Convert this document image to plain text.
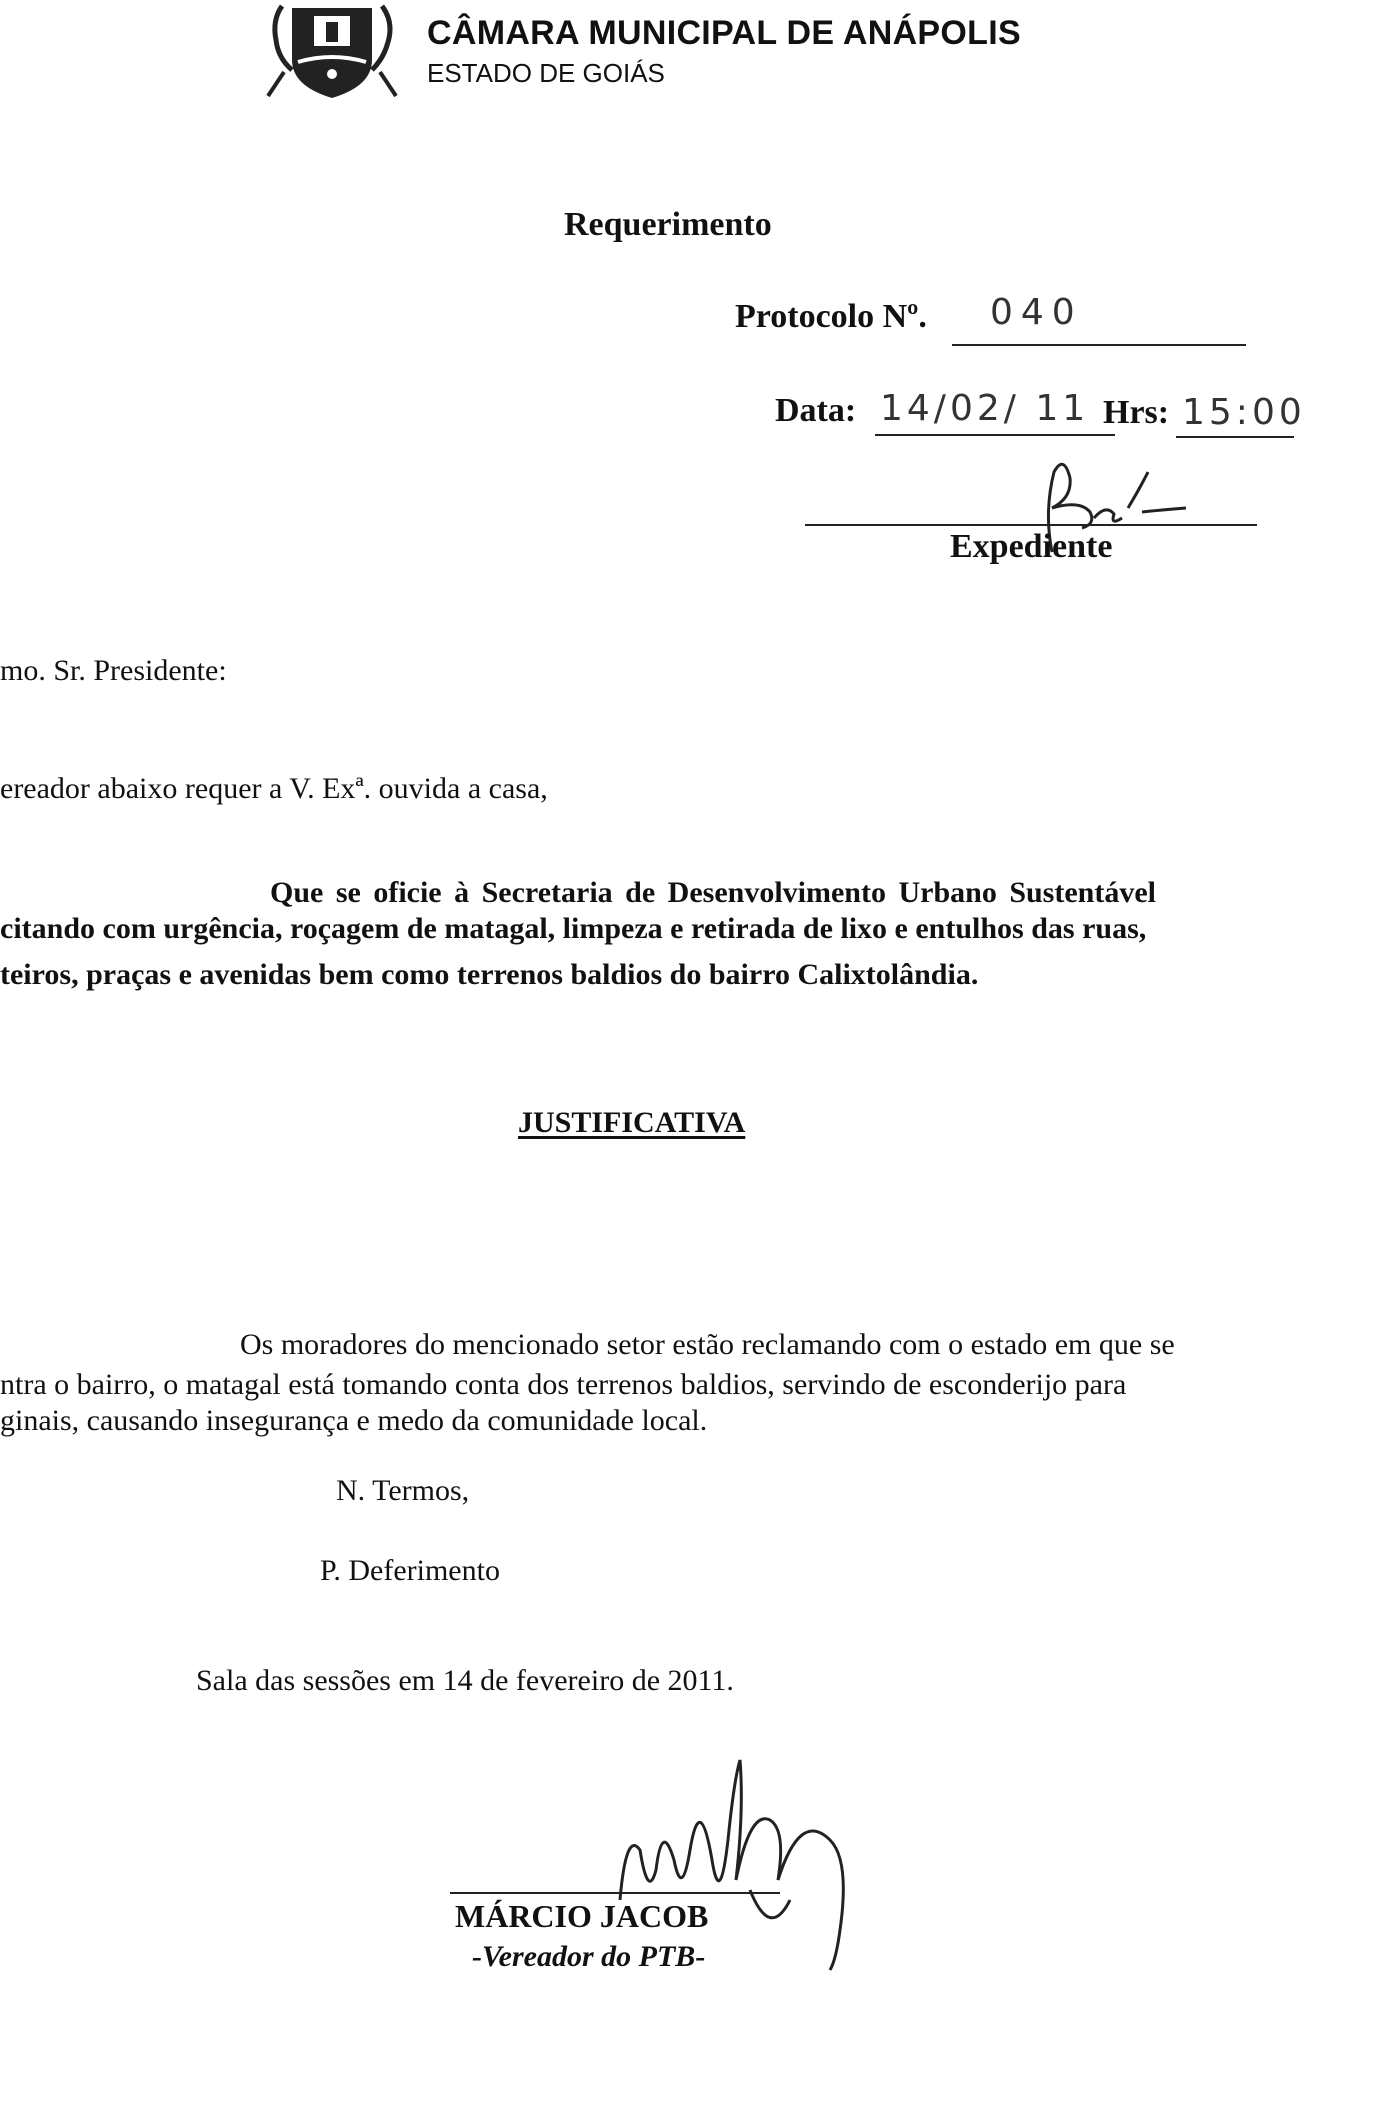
CÂMARA MUNICIPAL DE ANÁPOLIS
ESTADO DE GOIÁS
Requerimento
Protocolo Nº. 040
Data: 14/02/ 11 Hrs: 15:00
Expediente
mo. Sr. Presidente:
ereador abaixo requer a V. Exª. ouvida a casa,
Que se oficie à Secretaria de Desenvolvimento Urbano Sustentável
citando com urgência, roçagem de matagal, limpeza e retirada de lixo e entulhos das ruas,
teiros, praças e avenidas bem como terrenos baldios do bairro Calixtolândia.
JUSTIFICATIVA
Os moradores do mencionado setor estão reclamando com o estado em que se
ntra o bairro, o matagal está tomando conta dos terrenos baldios, servindo de esconderijo para
ginais, causando insegurança e medo da comunidade local.
N. Termos,
P. Deferimento
Sala das sessões em 14 de fevereiro de 2011.
MÁRCIO JACOB
-Vereador do PTB-
